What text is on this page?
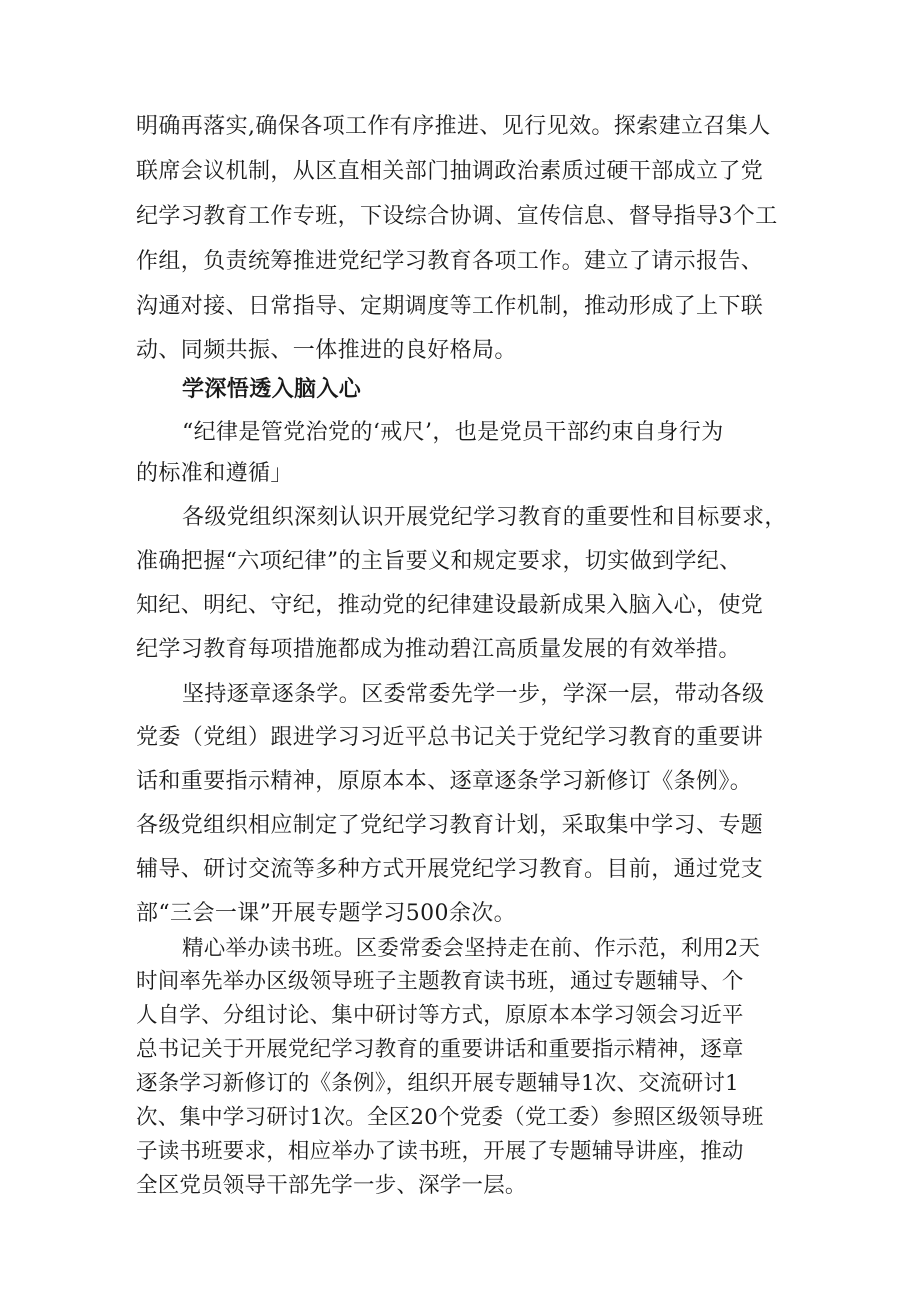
明确再落实,确保各项工作有序推进、见行见效。探索建立召集人
联席会议机制，从区直相关部门抽调政治素质过硬干部成立了党
纪学习教育工作专班，下设综合协调、宣传信息、督导指导3个工
作组，负责统筹推进党纪学习教育各项工作。建立了请示报告、
沟通对接、日常指导、定期调度等工作机制，推动形成了上下联
动、同频共振、一体推进的良好格局。
学深悟透入脑入心
“纪律是管党治党的‘戒尺’，也是党员干部约束自身行为
的标准和遵循」
各级党组织深刻认识开展党纪学习教育的重要性和目标要求，
准确把握“六项纪律”的主旨要义和规定要求，切实做到学纪、
知纪、明纪、守纪，推动党的纪律建设最新成果入脑入心，使党
纪学习教育每项措施都成为推动碧江高质量发展的有效举措。
坚持逐章逐条学。区委常委先学一步，学深一层，带动各级
党委（党组）跟进学习习近平总书记关于党纪学习教育的重要讲
话和重要指示精神，原原本本、逐章逐条学习新修订《条例》。
各级党组织相应制定了党纪学习教育计划，采取集中学习、专题
辅导、研讨交流等多种方式开展党纪学习教育。目前，通过党支
部“三会一课”开展专题学习500余次。
精心举办读书班。区委常委会坚持走在前、作示范，利用2天
时间率先举办区级领导班子主题教育读书班，通过专题辅导、个
人自学、分组讨论、集中研讨等方式，原原本本学习领会习近平
总书记关于开展党纪学习教育的重要讲话和重要指示精神，逐章
逐条学习新修订的《条例》，组织开展专题辅导1次、交流研讨1
次、集中学习研讨1次。全区20个党委（党工委）参照区级领导班
子读书班要求，相应举办了读书班，开展了专题辅导讲座，推动
全区党员领导干部先学一步、深学一层。
